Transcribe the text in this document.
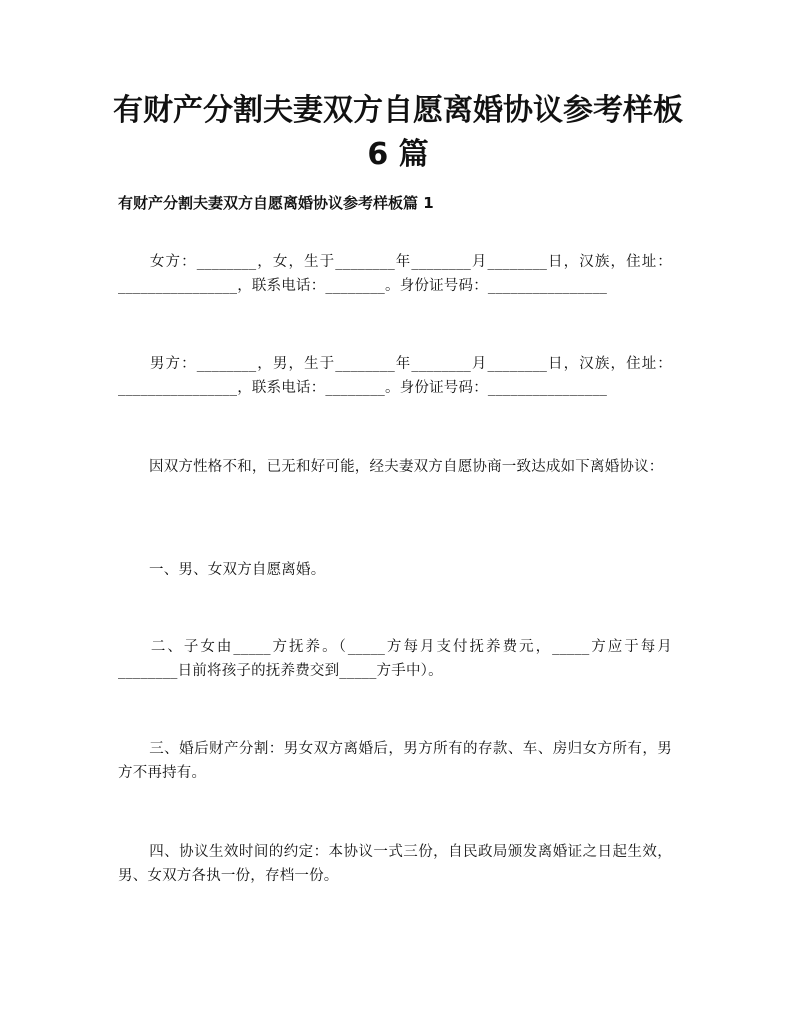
有财产分割夫妻双方自愿离婚协议参考样板
6 篇
有财产分割夫妻双方自愿离婚协议参考样板篇 1

女方：________，女，生于________年________月________日，汉族，住址：________________，联系电话：________。身份证号码：________________

男方：________，男，生于________年________月________日，汉族，住址：________________，联系电话：________。身份证号码：________________

因双方性格不和，已无和好可能，经夫妻双方自愿协商一致达成如下离婚协议：

一、男、女双方自愿离婚。

二、子女由_____方抚养。（_____方每月支付抚养费元，_____方应于每月________日前将孩子的抚养费交到_____方手中）。

三、婚后财产分割：男女双方离婚后，男方所有的存款、车、房归女方所有，男方不再持有。

四、协议生效时间的约定：本协议一式三份，自民政局颁发离婚证之日起生效，男、女双方各执一份，存档一份。
